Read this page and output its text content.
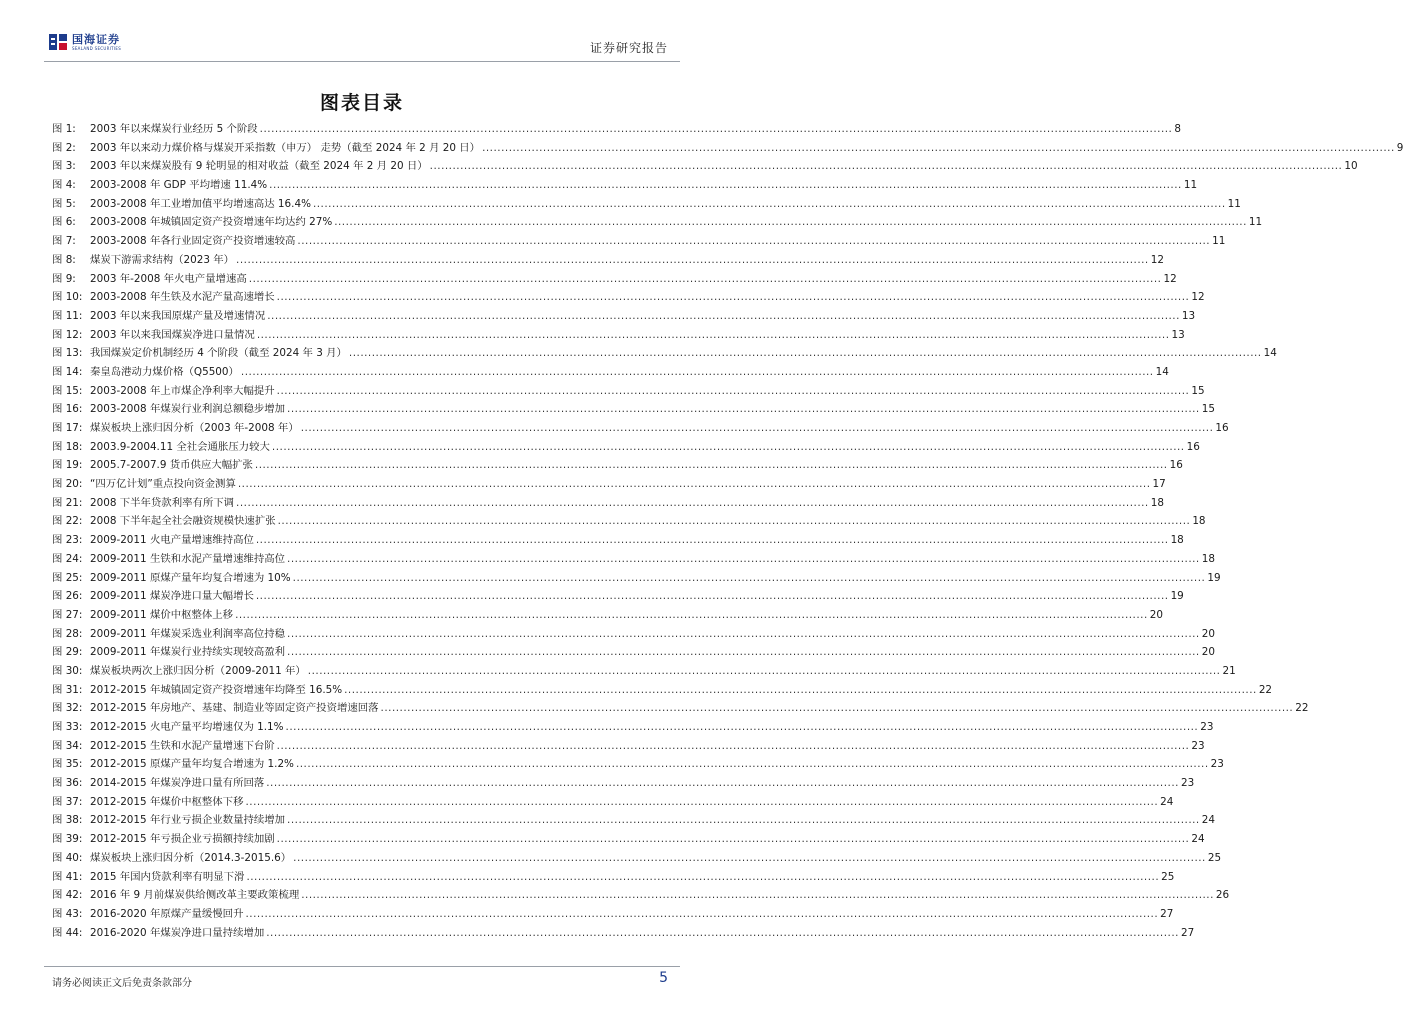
国海证券
SEALAND SECURITIES	证券研究报告
图表目录
图 1:	2003 年以来煤炭行业经历 5 个阶段 .....	8
图 2:	2003 年以来动力煤价格与煤炭开采指数（申万） 走势（截至 2024 年 2 月 20 日） .....	9
图 3:	2003 年以来煤炭股有 9 轮明显的相对收益（截至 2024 年 2 月 20 日） .....	10
图 4:	2003-2008 年 GDP 平均增速 11.4% .....	11
图 5:	2003-2008 年工业增加值平均增速高达 16.4% .....	11
图 6:	2003-2008 年城镇固定资产投资增速年均达约 27% .....	11
图 7:	2003-2008 年各行业固定资产投资增速较高 .....	11
图 8:	煤炭下游需求结构（2023 年） .....	12
图 9:	2003 年-2008 年火电产量增速高 .....	12
图 10: 2003-2008 年生铁及水泥产量高速增长 .....	12
图 11: 2003 年以来我国原煤产量及增速情况 .....	13
图 12: 2003 年以来我国煤炭净进口量情况 .....	13
图 13: 我国煤炭定价机制经历 4 个阶段（截至 2024 年 3 月） .....	14
图 14: 秦皇岛港动力煤价格（Q5500） .....	14
图 15: 2003-2008 年上市煤企净利率大幅提升 .....	15
图 16: 2003-2008 年煤炭行业利润总额稳步增加 .....	15
图 17: 煤炭板块上涨归因分析（2003 年-2008 年） .....	16
图 18: 2003.9-2004.11 全社会通胀压力较大 .....	16
图 19: 2005.7-2007.9 货币供应大幅扩张 .....	16
图 20: “四万亿计划”重点投向资金测算 .....	17
图 21: 2008 下半年贷款利率有所下调 .....	18
图 22: 2008 下半年起全社会融资规模快速扩张 .....	18
图 23: 2009-2011 火电产量增速维持高位 .....	18
图 24: 2009-2011 生铁和水泥产量增速维持高位 .....	18
图 25: 2009-2011 原煤产量年均复合增速为 10% .....	19
图 26: 2009-2011 煤炭净进口量大幅增长 .....	19
图 27: 2009-2011 煤价中枢整体上移 .....	20
图 28: 2009-2011 年煤炭采选业利润率高位持稳 .....	20
图 29: 2009-2011 年煤炭行业持续实现较高盈利 .....	20
图 30: 煤炭板块两次上涨归因分析（2009-2011 年） .....	21
图 31: 2012-2015 年城镇固定资产投资增速年均降至 16.5% .....	22
图 32: 2012-2015 年房地产、基建、制造业等固定资产投资增速回落 .....	22
图 33: 2012-2015 火电产量平均增速仅为 1.1% .....	23
图 34: 2012-2015 生铁和水泥产量增速下台阶 .....	23
图 35: 2012-2015 原煤产量年均复合增速为 1.2% .....	23
图 36: 2014-2015 年煤炭净进口量有所回落 .....	23
图 37: 2012-2015 年煤价中枢整体下移 .....	24
图 38: 2012-2015 年行业亏损企业数量持续增加 .....	24
图 39: 2012-2015 年亏损企业亏损额持续加剧 .....	24
图 40: 煤炭板块上涨归因分析（2014.3-2015.6） .....	25
图 41: 2015 年国内贷款利率有明显下滑 .....	25
图 42: 2016 年 9 月前煤炭供给侧改革主要政策梳理 .....	26
图 43: 2016-2020 年原煤产量缓慢回升 .....	27
图 44: 2016-2020 年煤炭净进口量持续增加 .....	27
请务必阅读正文后免责条款部分	5
